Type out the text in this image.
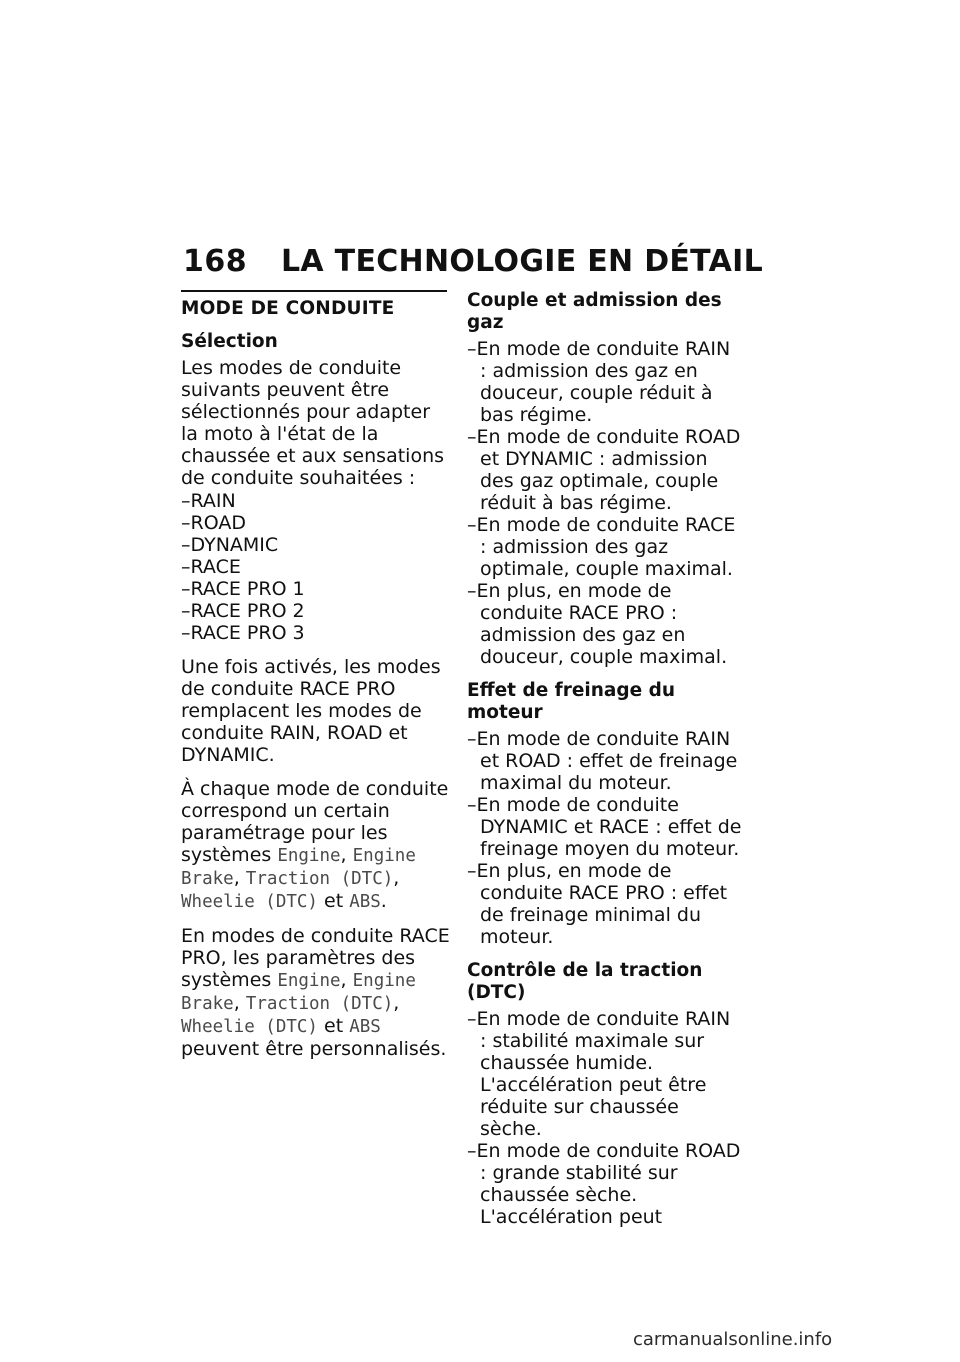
168 LA TECHNOLOGIE EN DÉTAIL
MODE DE CONDUITE
Sélection
Les modes de conduite suivants peuvent être sélectionnés pour adapter la moto à l'état de la chaussée et aux sensations de conduite souhaitées :
–RAIN
–ROAD
–DYNAMIC
–RACE
–RACE PRO 1
–RACE PRO 2
–RACE PRO 3
Une fois activés, les modes de conduite RACE PRO remplacent les modes de conduite RAIN, ROAD et DYNAMIC.
À chaque mode de conduite correspond un certain paramétrage pour les systèmes Engine, Engine Brake, Traction (DTC), Wheelie (DTC) et ABS.
En modes de conduite RACE PRO, les paramètres des systèmes Engine, Engine Brake, Traction (DTC), Wheelie (DTC) et ABS peuvent être personnalisés.
Couple et admission des gaz
–En mode de conduite RAIN : admission des gaz en douceur, couple réduit à bas régime.
–En mode de conduite ROAD et DYNAMIC : admission des gaz optimale, couple réduit à bas régime.
–En mode de conduite RACE : admission des gaz optimale, couple maximal.
–En plus, en mode de conduite RACE PRO : admission des gaz en douceur, couple maximal.
Effet de freinage du moteur
–En mode de conduite RAIN et ROAD : effet de freinage maximal du moteur.
–En mode de conduite DYNAMIC et RACE : effet de freinage moyen du moteur.
–En plus, en mode de conduite RACE PRO : effet de freinage minimal du moteur.
Contrôle de la traction (DTC)
–En mode de conduite RAIN : stabilité maximale sur chaussée humide. L'accélération peut être réduite sur chaussée sèche.
–En mode de conduite ROAD : grande stabilité sur chaussée sèche. L'accélération peut
carmanualsonline.info
